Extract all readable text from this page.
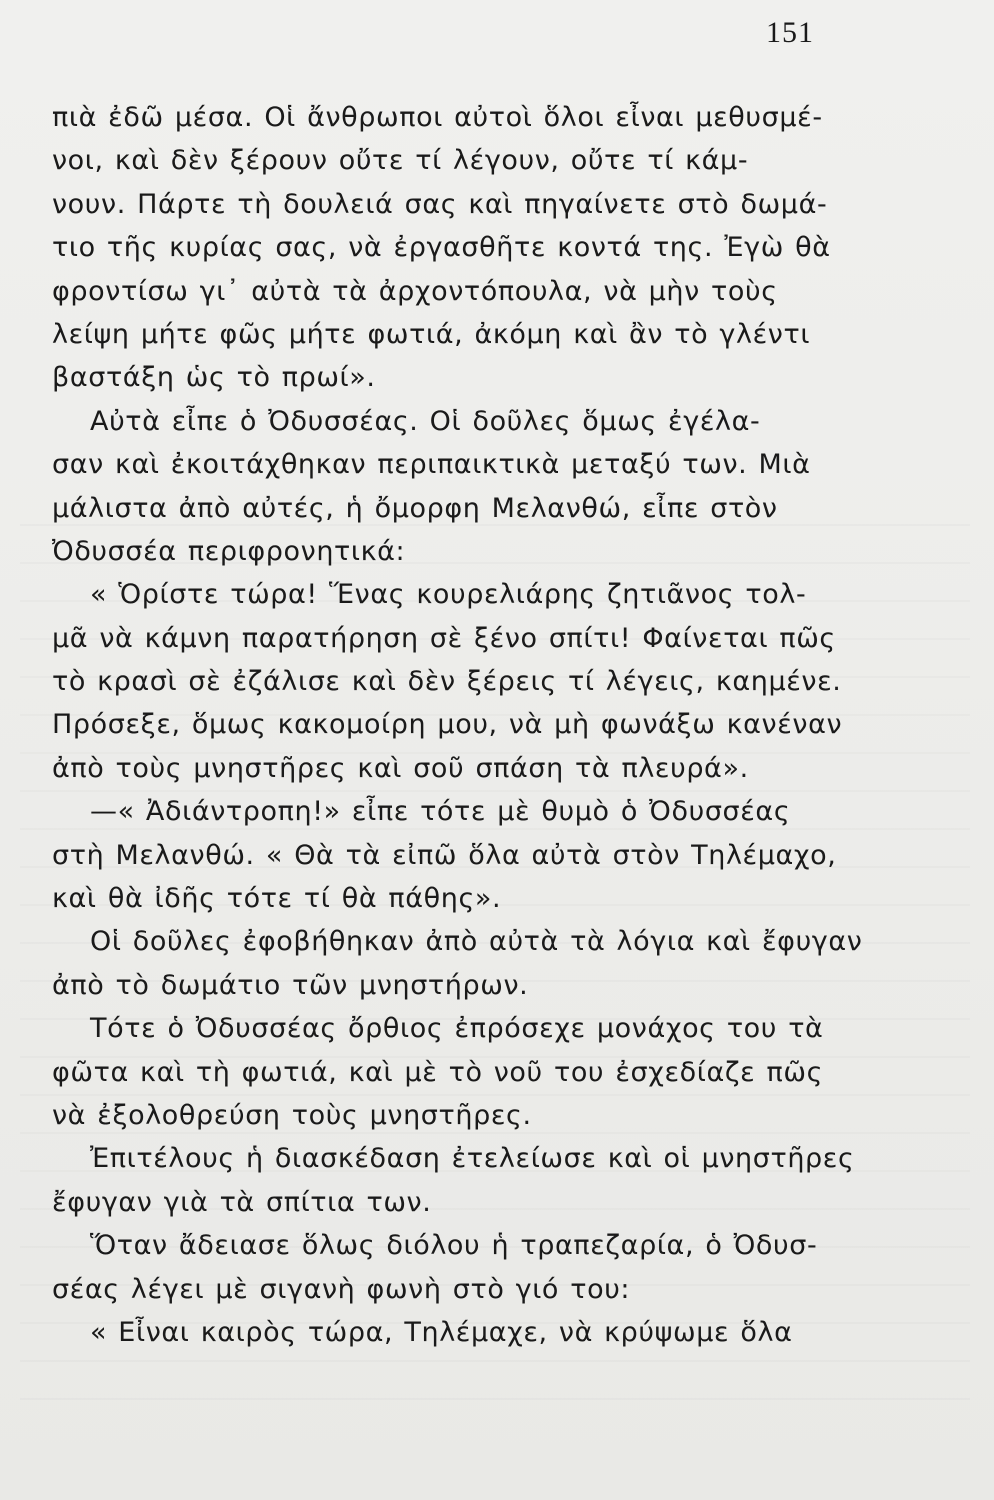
151
πιὰ ἐδῶ μέσα. Οἱ ἄνθρωποι αὐτοὶ ὅλοι εἶναι μεθυσμέ-
νοι, καὶ δὲν ξέρουν οὔτε τί λέγουν, οὔτε τί κάμ-
νουν. Πάρτε τὴ δουλειά σας καὶ πηγαίνετε στὸ δωμά-
τιο τῆς κυρίας σας, νὰ ἐργασθῆτε κοντά της. Ἐγὼ θὰ
φροντίσω γι᾿ αὐτὰ τὰ ἀρχοντόπουλα, νὰ μὴν τοὺς
λείψη μήτε φῶς μήτε φωτιά, ἀκόμη καὶ ἂν τὸ γλέντι
βαστάξη ὡς τὸ πρωί».
Αὐτὰ εἶπε ὁ Ὀδυσσέας. Οἱ δοῦλες ὅμως ἐγέλα-
σαν καὶ ἐκοιτάχθηκαν περιπαικτικὰ μεταξύ των. Μιὰ
μάλιστα ἀπὸ αὐτές, ἡ ὄμορφη Μελανθώ, εἶπε στὸν
Ὀδυσσέα περιφρονητικά:
« Ὁρίστε τώρα! Ἕνας κουρελιάρης ζητιᾶνος τολ-
μᾶ νὰ κάμνη παρατήρηση σὲ ξένο σπίτι! Φαίνεται πῶς
τὸ κρασὶ σὲ ἐζάλισε καὶ δὲν ξέρεις τί λέγεις, καημένε.
Πρόσεξε, ὅμως κακομοίρη μου, νὰ μὴ φωνάξω κανέναν
ἀπὸ τοὺς μνηστῆρες καὶ σοῦ σπάση τὰ πλευρά».
—« Ἀδιάντροπη!» εἶπε τότε μὲ θυμὸ ὁ Ὀδυσσέας
στὴ Μελανθώ. « Θὰ τὰ εἰπῶ ὅλα αὐτὰ στὸν Τηλέμαχο,
καὶ θὰ ἰδῆς τότε τί θὰ πάθης».
Οἱ δοῦλες ἐφοβήθηκαν ἀπὸ αὐτὰ τὰ λόγια καὶ ἔφυγαν
ἀπὸ τὸ δωμάτιο τῶν μνηστήρων.
Τότε ὁ Ὀδυσσέας ὄρθιος ἐπρόσεχε μονάχος του τὰ
φῶτα καὶ τὴ φωτιά, καὶ μὲ τὸ νοῦ του ἐσχεδίαζε πῶς
νὰ ἐξολοθρεύση τοὺς μνηστῆρες.
Ἐπιτέλους ἡ διασκέδαση ἐτελείωσε καὶ οἱ μνηστῆρες
ἔφυγαν γιὰ τὰ σπίτια των.
Ὅταν ἄδειασε ὅλως διόλου ἡ τραπεζαρία, ὁ Ὀδυσ-
σέας λέγει μὲ σιγανὴ φωνὴ στὸ γιό του:
« Εἶναι καιρὸς τώρα, Τηλέμαχε, νὰ κρύψωμε ὅλα
